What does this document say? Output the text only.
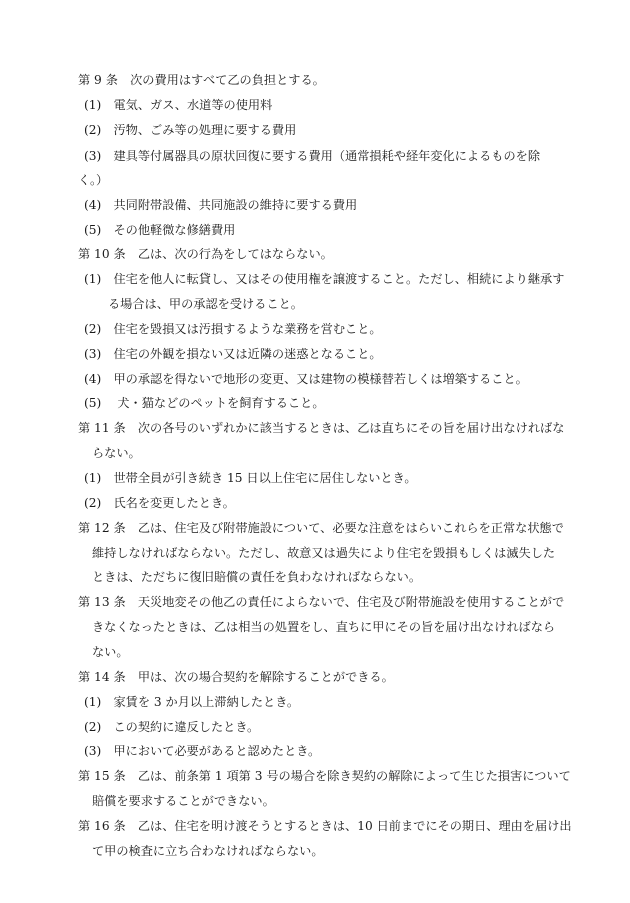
第 9 条　次の費用はすべて乙の負担とする。
(1)　電気、ガス、水道等の使用料
(2)　汚物、ごみ等の処理に要する費用
(3)　建具等付属器具の原状回復に要する費用（通常損耗や経年変化によるものを除
く。）
(4)　共同附帯設備、共同施設の維持に要する費用
(5)　その他軽微な修繕費用
第 10 条　乙は、次の行為をしてはならない。
(1)　住宅を他人に転貸し、又はその使用権を譲渡すること。ただし、相続により継承す
る場合は、甲の承認を受けること。
(2)　住宅を毀損又は汚損するような業務を営むこと。
(3)　住宅の外観を損ない又は近隣の迷惑となること。
(4)　甲の承認を得ないで地形の変更、又は建物の模様替若しくは増築すること。
(5)　 犬・猫などのペットを飼育すること。
第 11 条　次の各号のいずれかに該当するときは、乙は直ちにその旨を届け出なければな
らない。
(1)　世帯全員が引き続き 15 日以上住宅に居住しないとき。
(2)　氏名を変更したとき。
第 12 条　乙は、住宅及び附帯施設について、必要な注意をはらいこれらを正常な状態で
維持しなければならない。ただし、故意又は過失により住宅を毀損もしくは滅失した
ときは、ただちに復旧賠償の責任を負わなければならない。
第 13 条　天災地変その他乙の責任によらないで、住宅及び附帯施設を使用することがで
きなくなったときは、乙は相当の処置をし、直ちに甲にその旨を届け出なければなら
ない。
第 14 条　甲は、次の場合契約を解除することができる。
(1)　家賃を 3 か月以上滞納したとき。
(2)　この契約に違反したとき。
(3)　甲において必要があると認めたとき。
第 15 条　乙は、前条第 1 項第 3 号の場合を除き契約の解除によって生じた損害について
賠償を要求することができない。
第 16 条　乙は、住宅を明け渡そうとするときは、10 日前までにその期日、理由を届け出
て甲の検査に立ち合わなければならない。
